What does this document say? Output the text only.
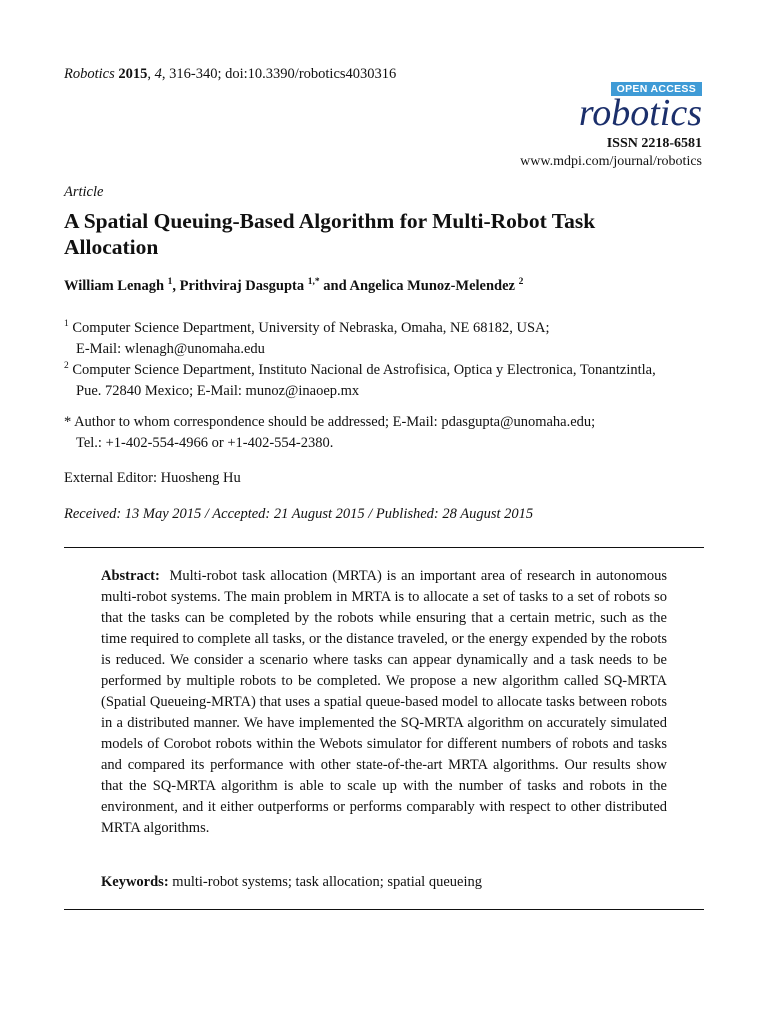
Robotics 2015, 4, 316-340; doi:10.3390/robotics4030316
OPEN ACCESS
robotics
ISSN 2218-6581
www.mdpi.com/journal/robotics
Article
A Spatial Queuing-Based Algorithm for Multi-Robot Task Allocation
William Lenagh $^1$, Prithviraj Dasgupta $^{1,*}$ and Angelica Munoz-Melendez $^2$
$^1$ Computer Science Department, University of Nebraska, Omaha, NE 68182, USA;
E-Mail: wlenagh@unomaha.edu
$^2$ Computer Science Department, Instituto Nacional de Astrofisica, Optica y Electronica, Tonantzintla,
Pue. 72840 Mexico; E-Mail: munoz@inaoep.mx
* Author to whom correspondence should be addressed; E-Mail: pdasgupta@unomaha.edu;
Tel.: +1-402-554-4966 or +1-402-554-2380.
External Editor: Huosheng Hu
Received: 13 May 2015 / Accepted: 21 August 2015 / Published: 28 August 2015
Abstract: Multi-robot task allocation (MRTA) is an important area of research in autonomous multi-robot systems. The main problem in MRTA is to allocate a set of tasks to a set of robots so that the tasks can be completed by the robots while ensuring that a certain metric, such as the time required to complete all tasks, or the distance traveled, or the energy expended by the robots is reduced. We consider a scenario where tasks can appear dynamically and a task needs to be performed by multiple robots to be completed. We propose a new algorithm called SQ-MRTA (Spatial Queueing-MRTA) that uses a spatial queue-based model to allocate tasks between robots in a distributed manner. We have implemented the SQ-MRTA algorithm on accurately simulated models of Corobot robots within the Webots simulator for different numbers of robots and tasks and compared its performance with other state-of-the-art MRTA algorithms. Our results show that the SQ-MRTA algorithm is able to scale up with the number of tasks and robots in the environment, and it either outperforms or performs comparably with respect to other distributed MRTA algorithms.
Keywords: multi-robot systems; task allocation; spatial queueing
